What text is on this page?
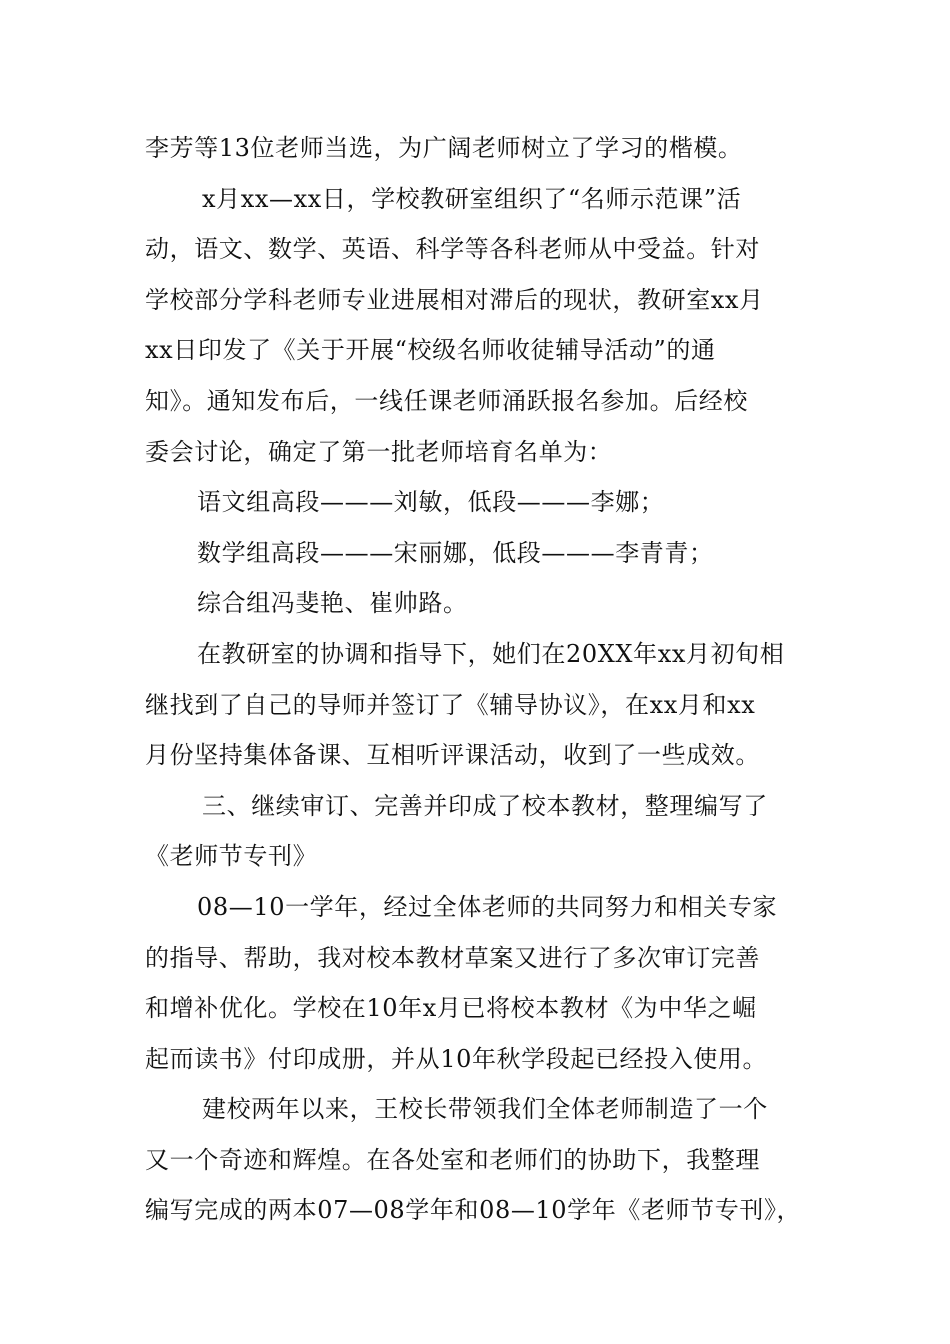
李芳等13位老师当选，为广阔老师树立了学习的楷模。
x月xx—xx日，学校教研室组织了“名师示范课”活
动，语文、数学、英语、科学等各科老师从中受益。针对
学校部分学科老师专业进展相对滞后的现状，教研室xx月
xx日印发了《关于开展“校级名师收徒辅导活动”的通
知》。通知发布后，一线任课老师涌跃报名参加。后经校
委会讨论，确定了第一批老师培育名单为：
语文组高段———刘敏，低段———李娜；
数学组高段———宋丽娜，低段———李青青；
综合组冯斐艳、崔帅路。
在教研室的协调和指导下，她们在20XX年xx月初旬相
继找到了自己的导师并签订了《辅导协议》，在xx月和xx
月份坚持集体备课、互相听评课活动，收到了一些成效。
三、继续审订、完善并印成了校本教材，整理编写了
《老师节专刊》
08—10一学年，经过全体老师的共同努力和相关专家
的指导、帮助，我对校本教材草案又进行了多次审订完善
和增补优化。学校在10年x月已将校本教材《为中华之崛
起而读书》付印成册，并从10年秋学段起已经投入使用。
建校两年以来，王校长带领我们全体老师制造了一个
又一个奇迹和辉煌。在各处室和老师们的协助下，我整理
编写完成的两本07—08学年和08—10学年《老师节专刊》，
